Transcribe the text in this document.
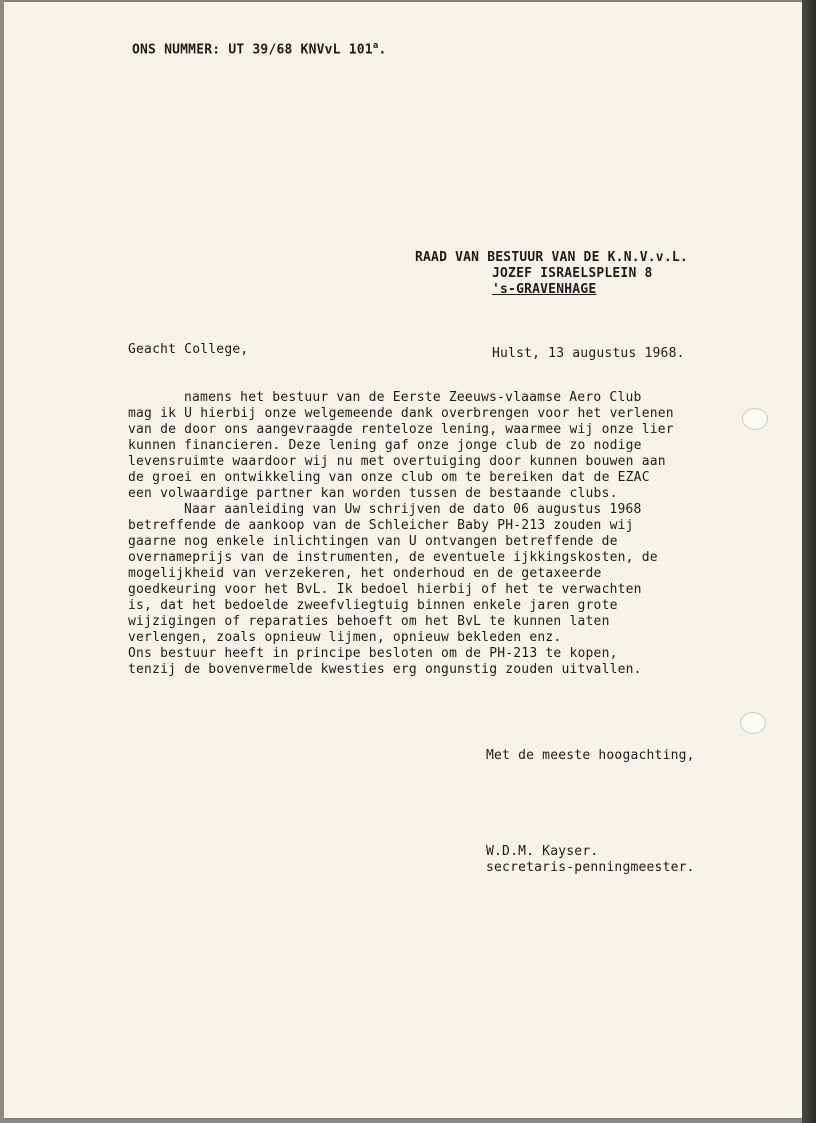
ONS NUMMER: UT 39/68 KNVvL 101$^a$.
RAAD VAN BESTUUR VAN DE K.N.V.v.L.
JOZEF ISRAELSPLEIN 8
's-GRAVENHAGE
Geacht College,	Hulst, 13 augustus 1968.
namens het bestuur van de Eerste Zeeuws-vlaamse Aero Club
mag ik U hierbij onze welgemeende dank overbrengen voor het verlenen
van de door ons aangevraagde renteloze lening, waarmee wij onze lier
kunnen financieren. Deze lening gaf onze jonge club de zo nodige
levensruimte waardoor wij nu met overtuiging door kunnen bouwen aan
de groei en ontwikkeling van onze club om te bereiken dat de EZAC
een volwaardige partner kan worden tussen de bestaande clubs.
Naar aanleiding van Uw schrijven de dato 06 augustus 1968
betreffende de aankoop van de Schleicher Baby PH-213 zouden wij
gaarne nog enkele inlichtingen van U ontvangen betreffende de
overnameprijs van de instrumenten, de eventuele ijkkingskosten, de
mogelijkheid van verzekeren, het onderhoud en de getaxeerde
goedkeuring voor het BvL. Ik bedoel hierbij of het te verwachten
is, dat het bedoelde zweefvliegtuig binnen enkele jaren grote
wijzigingen of reparaties behoeft om het BvL te kunnen laten
verlengen, zoals opnieuw lijmen, opnieuw bekleden enz.
Ons bestuur heeft in principe besloten om de PH-213 te kopen,
tenzij de bovenvermelde kwesties erg ongunstig zouden uitvallen.
Met de meeste hoogachting,
W.D.M. Kayser.
secretaris-penningmeester.
